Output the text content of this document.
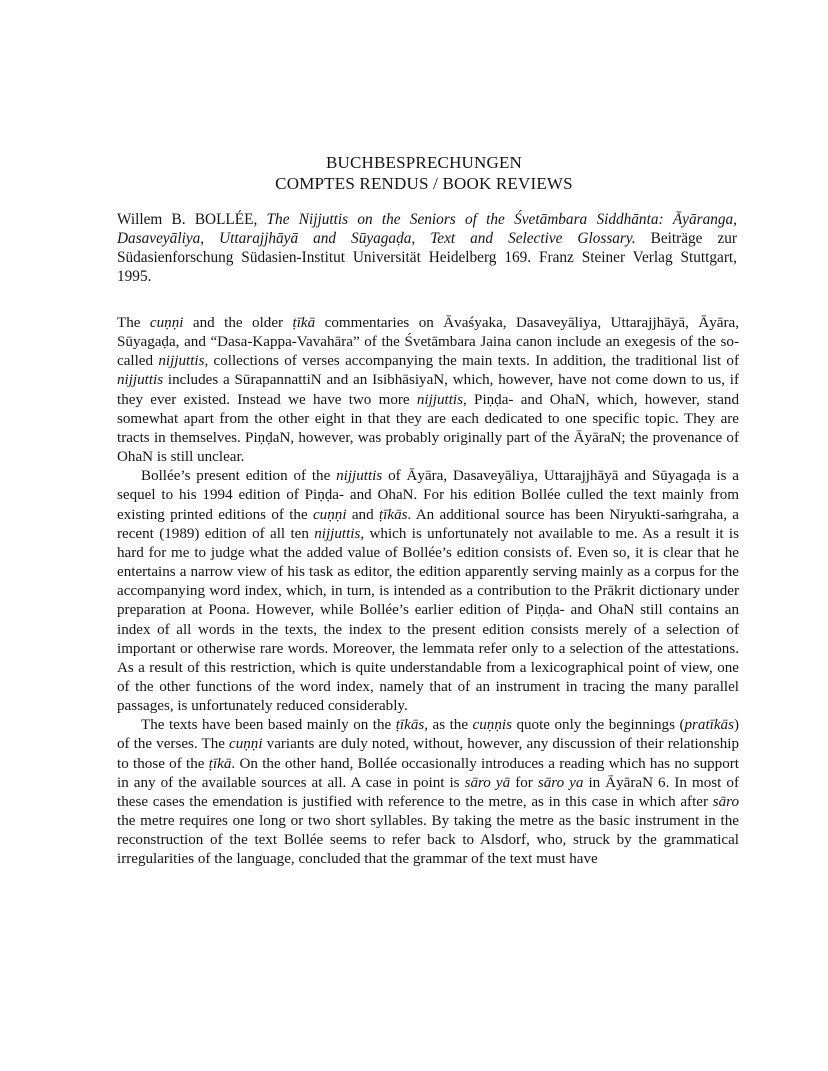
BUCHBESPRECHUNGEN
COMPTES RENDUS / BOOK REVIEWS
Willem B. BOLLÉE, The Nijjuttis on the Seniors of the Śvetāmbara Siddhānta: Āyāranga, Dasaveyāliya, Uttarajjhāyā and Sūyagaḍa, Text and Selective Glossary. Beiträge zur Südasienforschung Südasien-Institut Universität Heidelberg 169. Franz Steiner Verlag Stuttgart, 1995.

The cuṇṇi and the older ṭīkā commentaries on Āvaśyaka, Dasaveyāliya, Uttarajjhāyā, Āyāra, Sūyagaḍa, and “Dasa-Kappa-Vavahāra” of the Śvetāmbara Jaina canon include an exegesis of the so-called nijjuttis, collections of verses accompanying the main texts. In addition, the traditional list of nijjuttis includes a SūrapannattiN and an IsibhāsiyaN, which, however, have not come down to us, if they ever existed. Instead we have two more nijjuttis, Piṇḍa- and OhaN, which, however, stand somewhat apart from the other eight in that they are each dedicated to one specific topic. They are tracts in themselves. PiṇḍaN, however, was probably originally part of the ĀyāraN; the provenance of OhaN is still unclear.

Bollée’s present edition of the nijjuttis of Āyāra, Dasaveyāliya, Uttarajjhāyā and Sūyagaḍa is a sequel to his 1994 edition of Piṇḍa- and OhaN. For his edition Bollée culled the text mainly from existing printed editions of the cuṇṇi and ṭīkās. An additional source has been Niryukti-saṁgraha, a recent (1989) edition of all ten nijjuttis, which is unfortunately not available to me. As a result it is hard for me to judge what the added value of Bollée’s edition consists of. Even so, it is clear that he entertains a narrow view of his task as editor, the edition apparently serving mainly as a corpus for the accompanying word index, which, in turn, is intended as a contribution to the Prākrit dictionary under preparation at Poona. However, while Bollée’s earlier edition of Piṇḍa- and OhaN still contains an index of all words in the texts, the index to the present edition consists merely of a selection of important or otherwise rare words. Moreover, the lemmata refer only to a selection of the attestations. As a result of this restriction, which is quite understandable from a lexicographical point of view, one of the other functions of the word index, namely that of an instrument in tracing the many parallel passages, is unfortunately reduced considerably.

The texts have been based mainly on the ṭīkās, as the cuṇṇis quote only the beginnings (pratīkās) of the verses. The cuṇṇi variants are duly noted, without, however, any discussion of their relationship to those of the ṭīkā. On the other hand, Bollée occasionally introduces a reading which has no support in any of the available sources at all. A case in point is sāro yā for sāro ya in ĀyāraN 6. In most of these cases the emendation is justified with reference to the metre, as in this case in which after sāro the metre requires one long or two short syllables. By taking the metre as the basic instrument in the reconstruction of the text Bollée seems to refer back to Alsdorf, who, struck by the grammatical irregularities of the language, concluded that the grammar of the text must have
